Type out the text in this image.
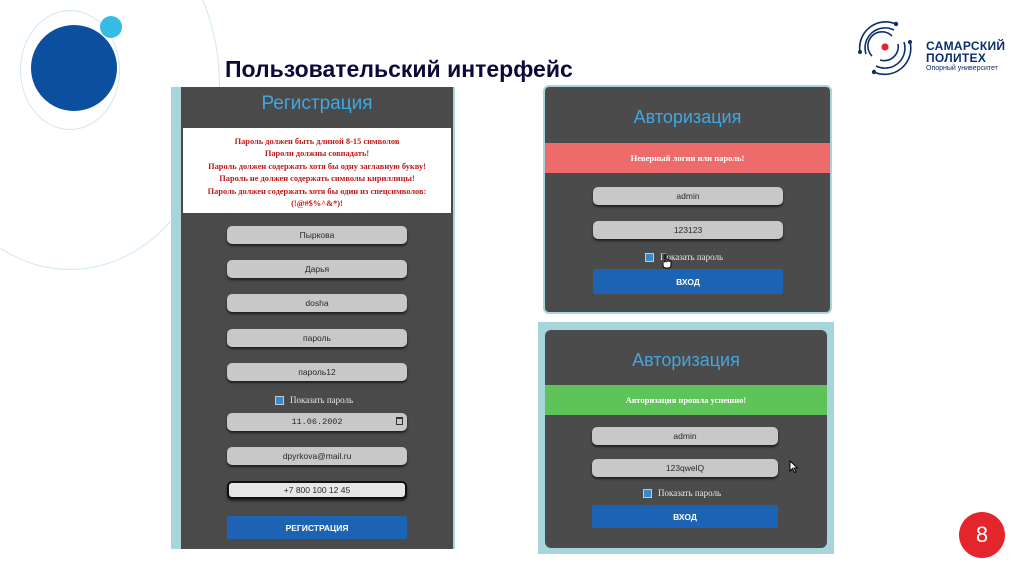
Пользовательский интерфейс
САМАРСКИЙ
ПОЛИТЕХ
Опорный университет
Регистрация
Пароль должен быть длиной 8-15 символов
Пароли должны совпадать!
Пароль должен содержать хотя бы одну заглавную букву!
Пароль не должен содержать символы кириллицы!
Пароль должен содержать хотя бы один из спецсимволов:
(!@#$%^&*)!
Пыркова
Дарья
dosha
пароль
пароль12
Показать пароль
11.06.2002
dpyrkova@mail.ru
+7 800 100 12 45
РЕГИСТРАЦИЯ
Авторизация
Неверный логин или пароль!
admin
123123
Показать пароль
ВХОД
Авторизация
Авторизация прошла успешно!
admin
123qwelQ
Показать пароль
ВХОД
8
